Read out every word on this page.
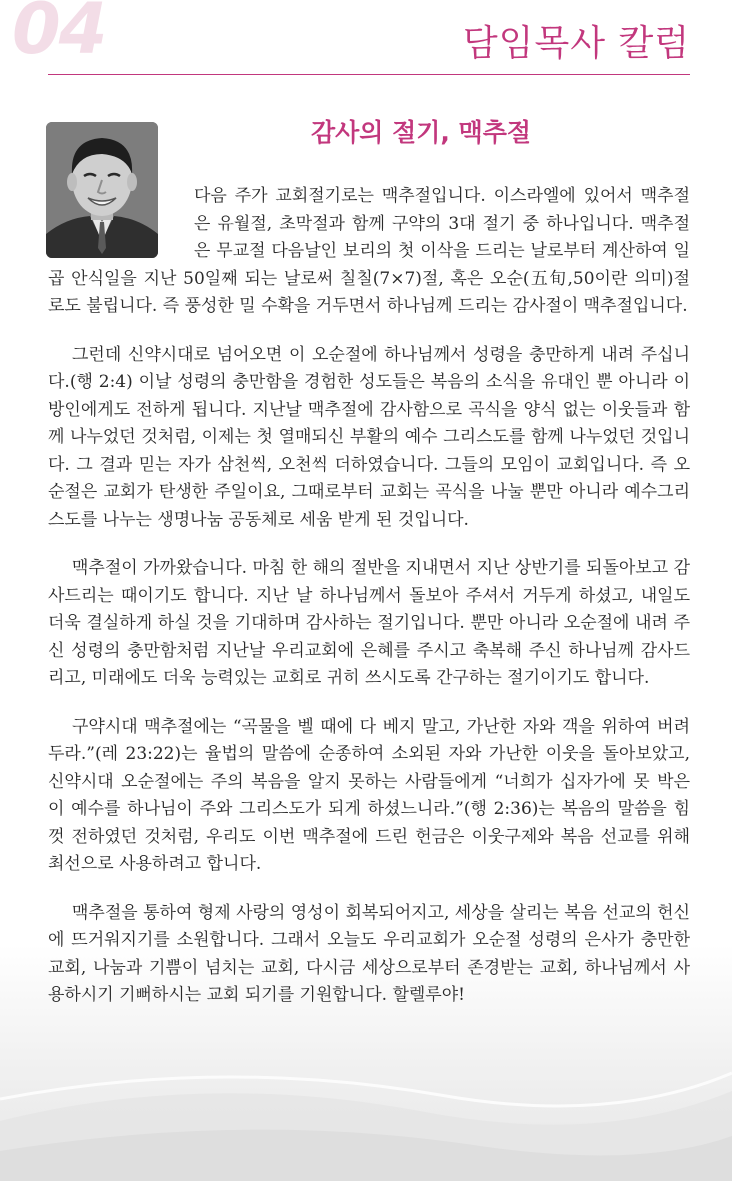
04	담임목사 칼럼
감사의 절기, 맥추절

다음 주가 교회절기로는 맥추절입니다. 이스라엘에 있어서 맥추절은 유월절, 초막절과 함께 구약의 3대 절기 중 하나입니다. 맥추절은 무교절 다음날인 보리의 첫 이삭을 드리는 날로부터 계산하여 일곱 안식일을 지난 50일째 되는 날로써 칠칠(7×7)절, 혹은 오순(五旬,50이란 의미)절로도 불립니다. 즉 풍성한 밀 수확을 거두면서 하나님께 드리는 감사절이 맥추절입니다.

그런데 신약시대로 넘어오면 이 오순절에 하나님께서 성령을 충만하게 내려 주십니다.(행 2:4) 이날 성령의 충만함을 경험한 성도들은 복음의 소식을 유대인 뿐 아니라 이방인에게도 전하게 됩니다. 지난날 맥추절에 감사함으로 곡식을 양식 없는 이웃들과 함께 나누었던 것처럼, 이제는 첫 열매되신 부활의 예수 그리스도를 함께 나누었던 것입니다. 그 결과 믿는 자가 삼천씩, 오천씩 더하였습니다. 그들의 모임이 교회입니다. 즉 오순절은 교회가 탄생한 주일이요, 그때로부터 교회는 곡식을 나눌 뿐만 아니라 예수그리스도를 나누는 생명나눔 공동체로 세움 받게 된 것입니다.

맥추절이 가까왔습니다. 마침 한 해의 절반을 지내면서 지난 상반기를 되돌아보고 감사드리는 때이기도 합니다. 지난 날 하나님께서 돌보아 주셔서 거두게 하셨고, 내일도 더욱 결실하게 하실 것을 기대하며 감사하는 절기입니다. 뿐만 아니라 오순절에 내려 주신 성령의 충만함처럼 지난날 우리교회에 은혜를 주시고 축복해 주신 하나님께 감사드리고, 미래에도 더욱 능력있는 교회로 귀히 쓰시도록 간구하는 절기이기도 합니다.

구약시대 맥추절에는 “곡물을 벨 때에 다 베지 말고, 가난한 자와 객을 위하여 버려두라.”(레 23:22)는 율법의 말씀에 순종하여 소외된 자와 가난한 이웃을 돌아보았고, 신약시대 오순절에는 주의 복음을 알지 못하는 사람들에게 “너희가 십자가에 못 박은 이 예수를 하나님이 주와 그리스도가 되게 하셨느니라.”(행 2:36)는 복음의 말씀을 힘껏 전하였던 것처럼, 우리도 이번 맥추절에 드린 헌금은 이웃구제와 복음 선교를 위해 최선으로 사용하려고 합니다.

맥추절을 통하여 형제 사랑의 영성이 회복되어지고, 세상을 살리는 복음 선교의 헌신에 뜨거워지기를 소원합니다. 그래서 오늘도 우리교회가 오순절 성령의 은사가 충만한 교회, 나눔과 기쁨이 넘치는 교회, 다시금 세상으로부터 존경받는 교회, 하나님께서 사용하시기 기뻐하시는 교회 되기를 기원합니다. 할렐루야!
